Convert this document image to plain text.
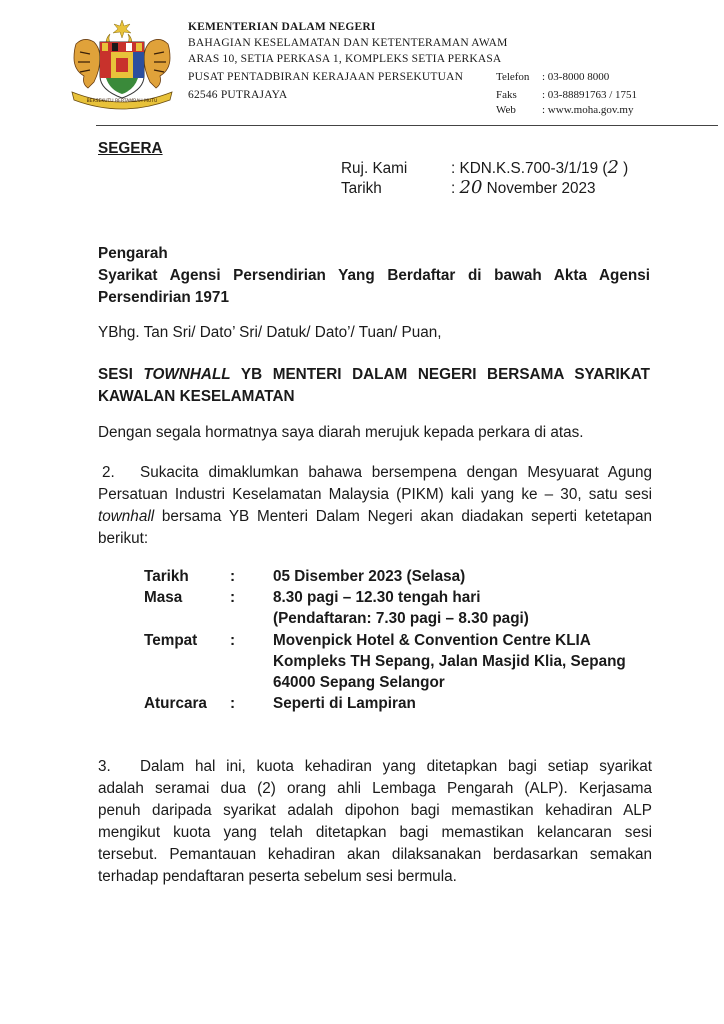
BERSEKUTU BERTAMBAH MUTU
KEMENTERIAN DALAM NEGERI
BAHAGIAN KESELAMATAN DAN KETENTERAMAN AWAM
ARAS 10, SETIA PERKASA 1, KOMPLEKS SETIA PERKASA
PUSAT PENTADBIRAN KERAJAAN PERSEKUTUAN
62546 PUTRAJAYA
Telefon : 03-8000 8000
Faks : 03-88891763 / 1751
Web : www.moha.gov.my
SEGERA
Ruj. Kami	: KDN.K.S.700-3/1/19 (2 )
Tarikh	: 20 November 2023
Pengarah
Syarikat Agensi Persendirian Yang Berdaftar di bawah Akta Agensi
Persendirian 1971
YBhg. Tan Sri/ Dato’ Sri/ Datuk/ Dato’/ Tuan/ Puan,
SESI TOWNHALL YB MENTERI DALAM NEGERI BERSAMA SYARIKAT
KAWALAN KESELAMATAN
Dengan segala hormatnya saya diarah merujuk kepada perkara di atas.
2. Sukacita dimaklumkan bahawa bersempena dengan Mesyuarat Agung
Persatuan Industri Keselamatan Malaysia (PIKM) kali yang ke – 30, satu sesi
townhall bersama YB Menteri Dalam Negeri akan diadakan seperti ketetapan
berikut:
Tarikh	: 05 Disember 2023 (Selasa)
Masa	: 8.30 pagi – 12.30 tengah hari
(Pendaftaran: 7.30 pagi – 8.30 pagi)
Tempat : Movenpick Hotel & Convention Centre KLIA
Kompleks TH Sepang, Jalan Masjid Klia, Sepang
64000 Sepang Selangor
Aturcara : Seperti di Lampiran
3. Dalam hal ini, kuota kehadiran yang ditetapkan bagi setiap syarikat
adalah seramai dua (2) orang ahli Lembaga Pengarah (ALP). Kerjasama
penuh daripada syarikat adalah dipohon bagi memastikan kehadiran ALP
mengikut kuota yang telah ditetapkan bagi memastikan kelancaran sesi
tersebut. Pemantauan kehadiran akan dilaksanakan berdasarkan semakan
terhadap pendaftaran peserta sebelum sesi bermula.
